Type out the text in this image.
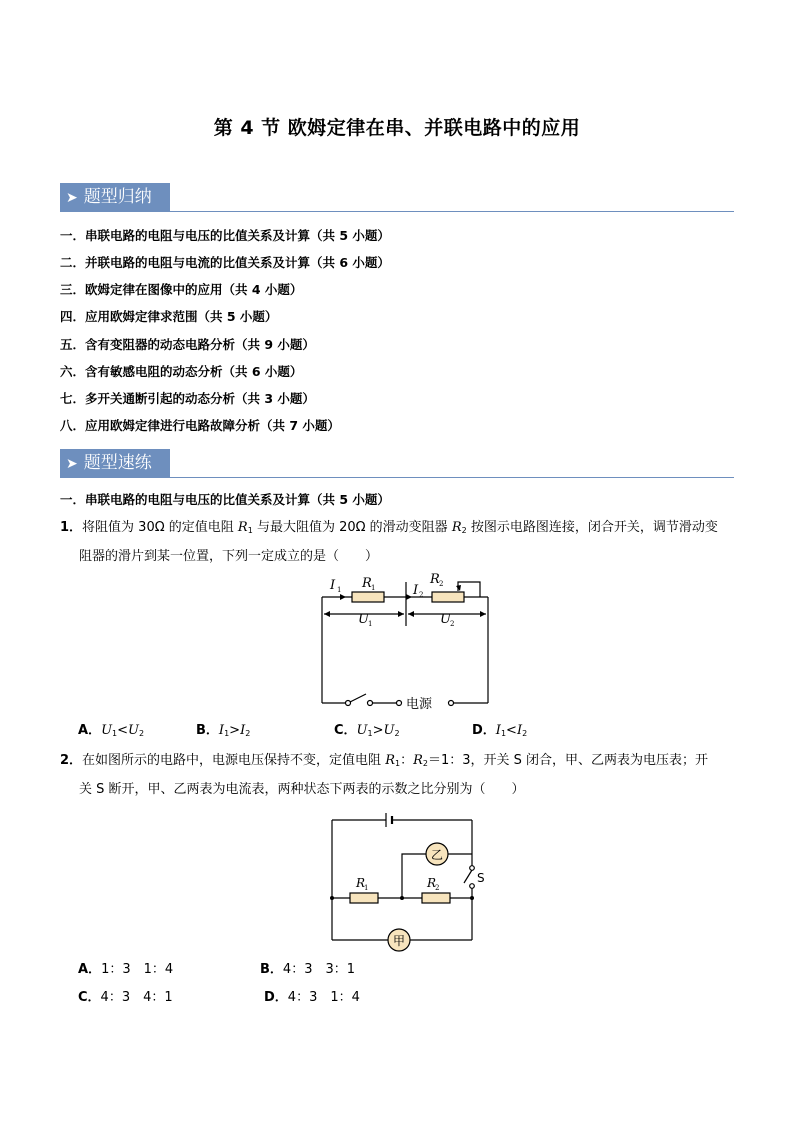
第 4 节 欧姆定律在串、并联电路中的应用
➤ 题型归纳
一．串联电路的电阻与电压的比值关系及计算（共 5 小题）
二．并联电路的电阻与电流的比值关系及计算（共 6 小题）
三．欧姆定律在图像中的应用（共 4 小题）
四．应用欧姆定律求范围（共 5 小题）
五．含有变阻器的动态电路分析（共 9 小题）
六．含有敏感电阻的动态分析（共 6 小题）
七．多开关通断引起的动态分析（共 3 小题）
八．应用欧姆定律进行电路故障分析（共 7 小题）
➤ 题型速练
一．串联电路的电阻与电压的比值关系及计算（共 5 小题）
1．将阻值为 30Ω 的定值电阻 $R_1$ 与最大阻值为 20Ω 的滑动变阻器 $R_2$ 按图示电路图连接，闭合开关，调节滑动变
阻器的滑片到某一位置，下列一定成立的是（　　）
I 1 R 1	I 2
R 2
U 1	U 2
电源
A．$U_1<U_2$	B．$I_1>I_2$	C．$U_1>U_2$	D．$I_1<I_2$
2．在如图所示的电路中，电源电压保持不变，定值电阻 $R_1$：$R_2=1$：3，开关 S 闭合，甲、乙两表为电压表；开
关 S 断开，甲、乙两表为电流表，两种状态下两表的示数之比分别为（　　）
乙
甲
S
R
1	R
2
A．1：3　1：4	B．4：3　3：1
C．4：3　4：1	D．4：3　1：4
